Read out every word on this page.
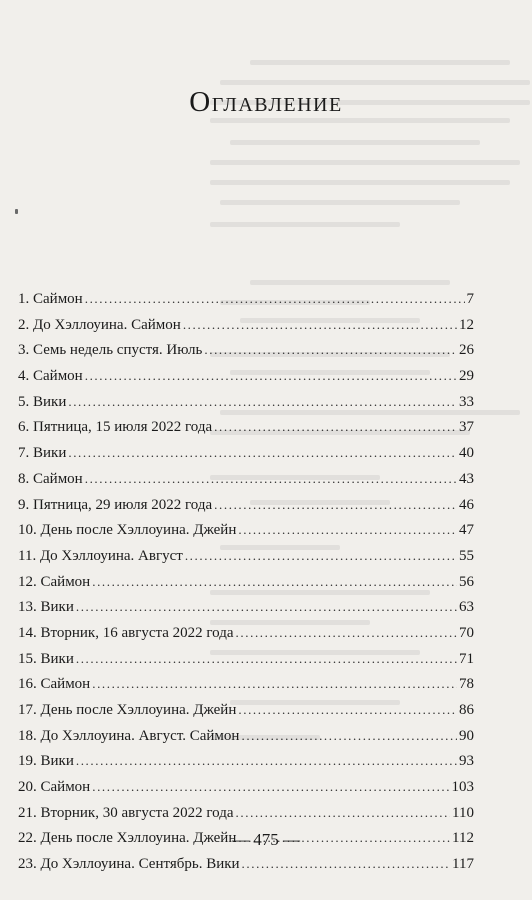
Оглавление
1. Саймон .....	7
2. До Хэллоуина. Саймон .....	12
3. Семь недель спустя. Июль .....	26
4. Саймон .....	29
5. Вики .....	33
6. Пятница, 15 июля 2022 года .....	37
7. Вики .....	40
8. Саймон .....	43
9. Пятница, 29 июля 2022 года .....	46
10. День после Хэллоуина. Джейн .....	47
11. До Хэллоуина. Август .....	55
12. Саймон .....	56
13. Вики .....	63
14. Вторник, 16 августа 2022 года .....	70
15. Вики .....	71
16. Саймон .....	78
17. День после Хэллоуина. Джейн .....	86
18. До Хэллоуина. Август. Саймон .....	90
19. Вики .....	93
20. Саймон .....	103
21. Вторник, 30 августа 2022 года .....	110
22. День после Хэллоуина. Джейн .....	112
23. До Хэллоуина. Сентябрь. Вики .....	117
— 475 —
